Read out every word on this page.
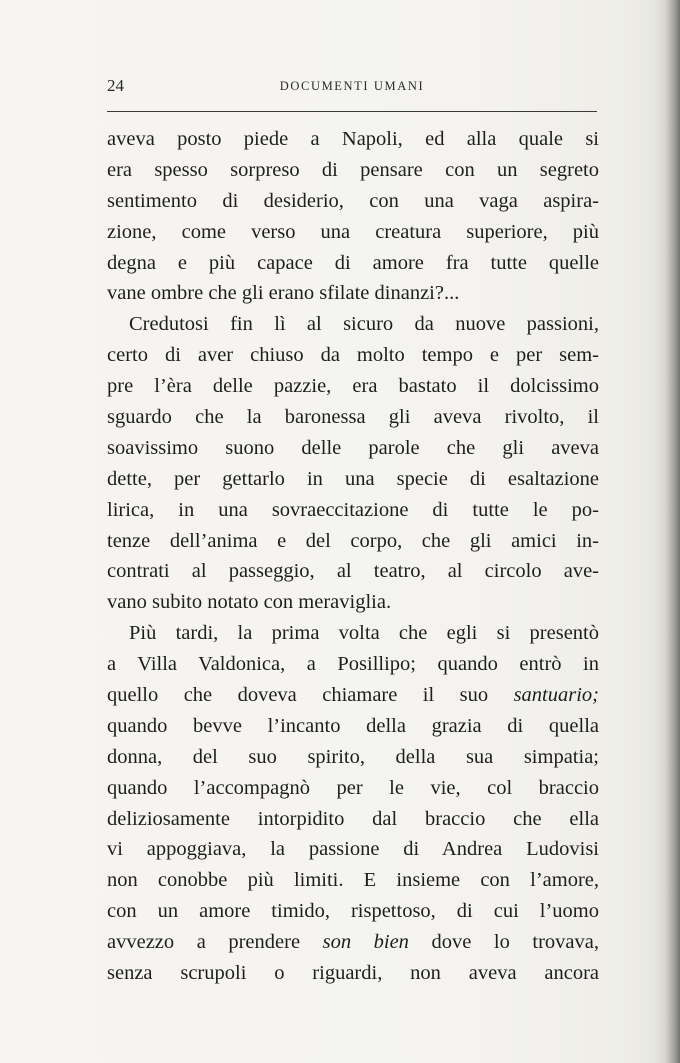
24	DOCUMENTI UMANI
aveva posto piede a Napoli, ed alla quale si
era spesso sorpreso di pensare con un segreto
sentimento di desiderio, con una vaga aspira-
zione, come verso una creatura superiore, più
degna e più capace di amore fra tutte quelle
vane ombre che gli erano sfilate dinanzi?...
Credutosi fin lì al sicuro da nuove passioni,
certo di aver chiuso da molto tempo e per sem-
pre l’èra delle pazzie, era bastato il dolcissimo
sguardo che la baronessa gli aveva rivolto, il
soavissimo suono delle parole che gli aveva
dette, per gettarlo in una specie di esaltazione
lirica, in una sovraeccitazione di tutte le po-
tenze dell’anima e del corpo, che gli amici in-
contrati al passeggio, al teatro, al circolo ave-
vano subito notato con meraviglia.
Più tardi, la prima volta che egli si presentò
a Villa Valdonica, a Posillipo; quando entrò in
quello che doveva chiamare il suo santuario;
quando bevve l’incanto della grazia di quella
donna, del suo spirito, della sua simpatia;
quando l’accompagnò per le vie, col braccio
deliziosamente intorpidito dal braccio che ella
vi appoggiava, la passione di Andrea Ludovisi
non conobbe più limiti. E insieme con l’amore,
con un amore timido, rispettoso, di cui l’uomo
avvezzo a prendere son bien dove lo trovava,
senza scrupoli o riguardi, non aveva ancora
